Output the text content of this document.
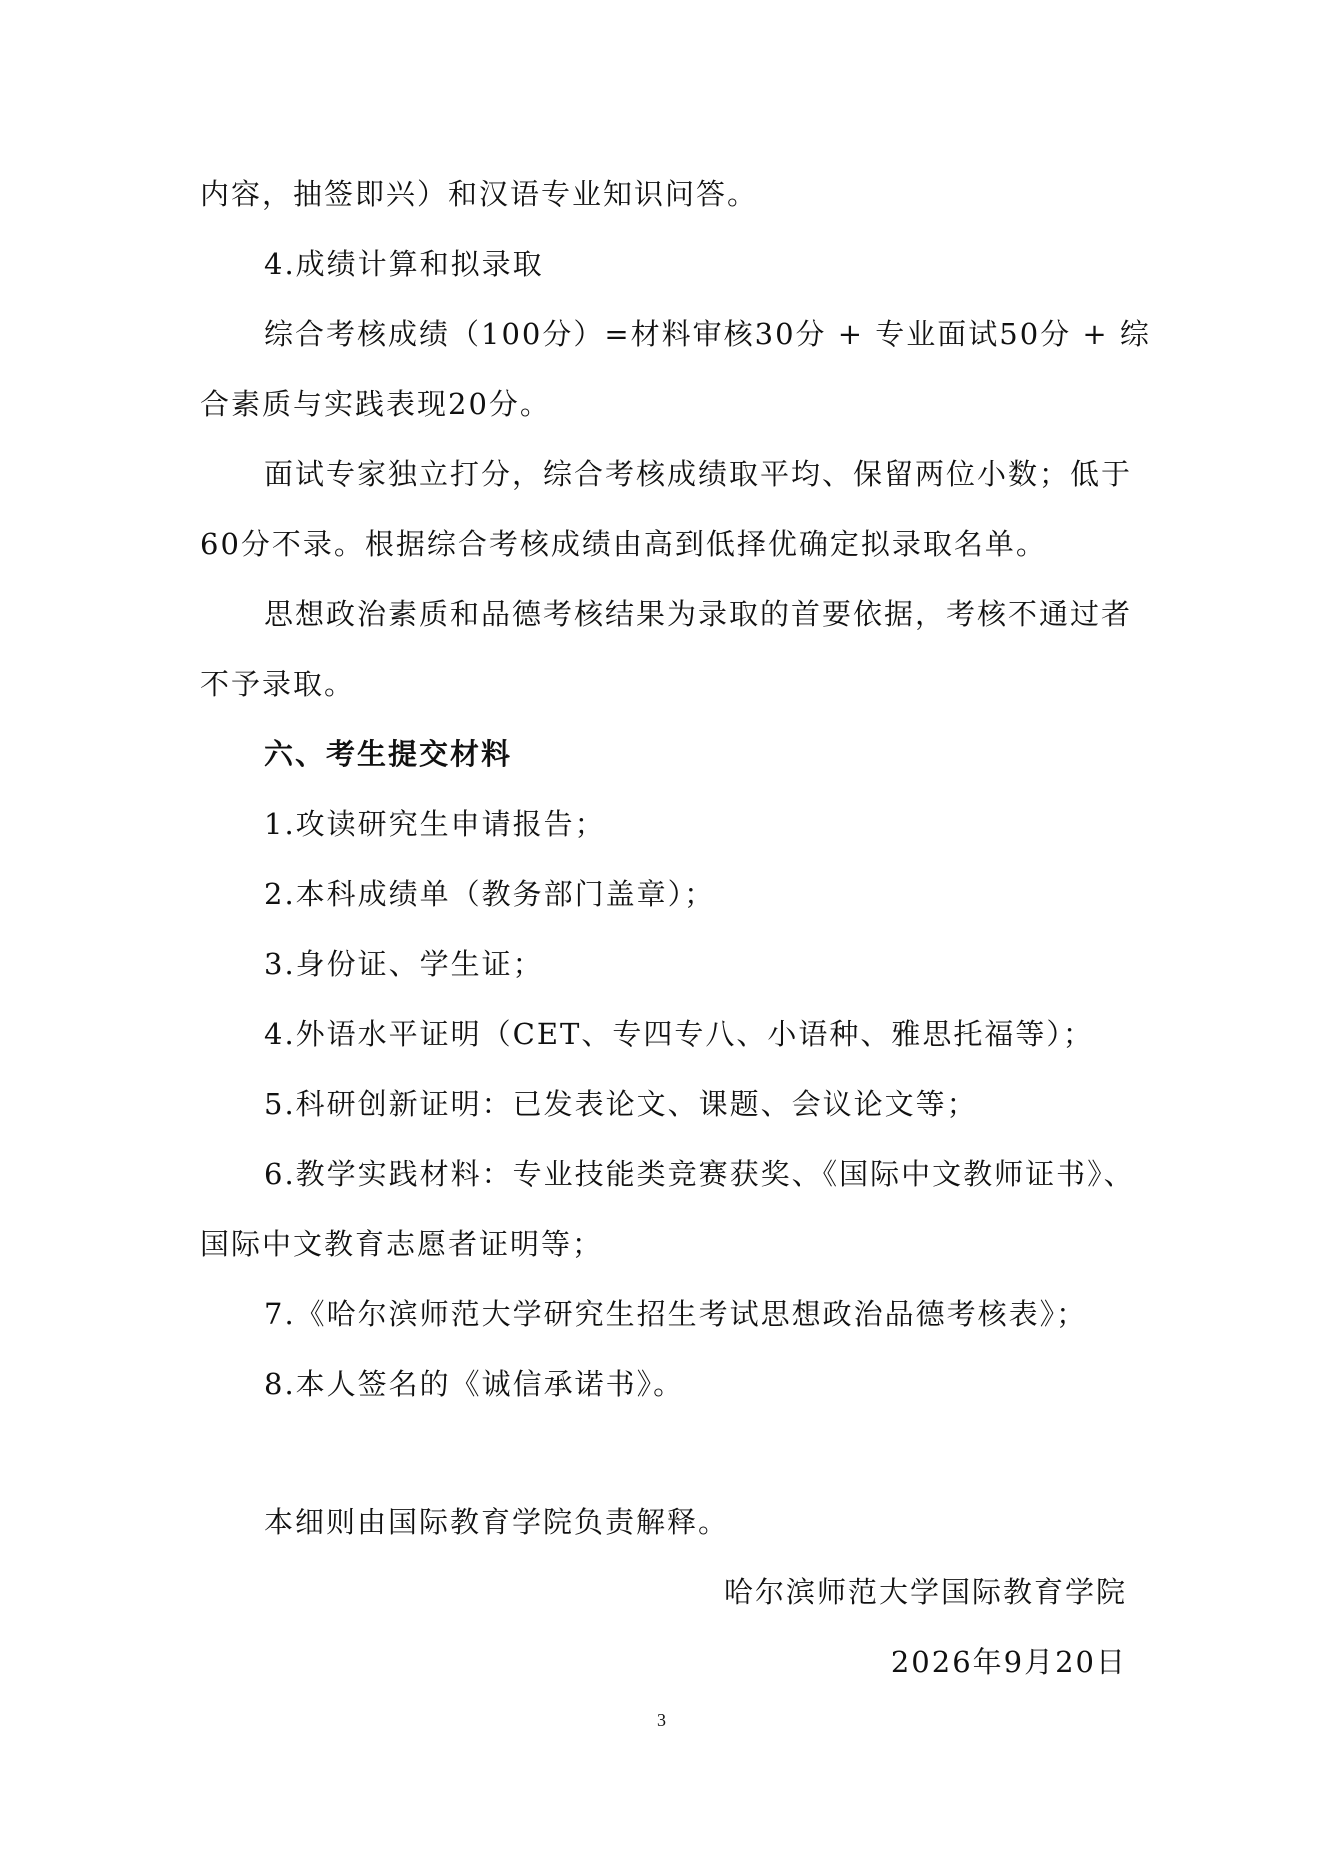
内容，抽签即兴）和汉语专业知识问答。
4.成绩计算和拟录取
综合考核成绩（100分）=材料审核30分 + 专业面试50分 + 综
合素质与实践表现20分。
面试专家独立打分，综合考核成绩取平均、保留两位小数；低于
60分不录。根据综合考核成绩由高到低择优确定拟录取名单。
思想政治素质和品德考核结果为录取的首要依据，考核不通过者
不予录取。
六、考生提交材料
1.攻读研究生申请报告；
2.本科成绩单（教务部门盖章）；
3.身份证、学生证；
4.外语水平证明（CET、专四专八、小语种、雅思托福等）；
5.科研创新证明：已发表论文、课题、会议论文等；
6.教学实践材料：专业技能类竞赛获奖、《国际中文教师证书》、
国际中文教育志愿者证明等；
7.《哈尔滨师范大学研究生招生考试思想政治品德考核表》；
8.本人签名的《诚信承诺书》。
本细则由国际教育学院负责解释。
哈尔滨师范大学国际教育学院
2026年9月20日
3
